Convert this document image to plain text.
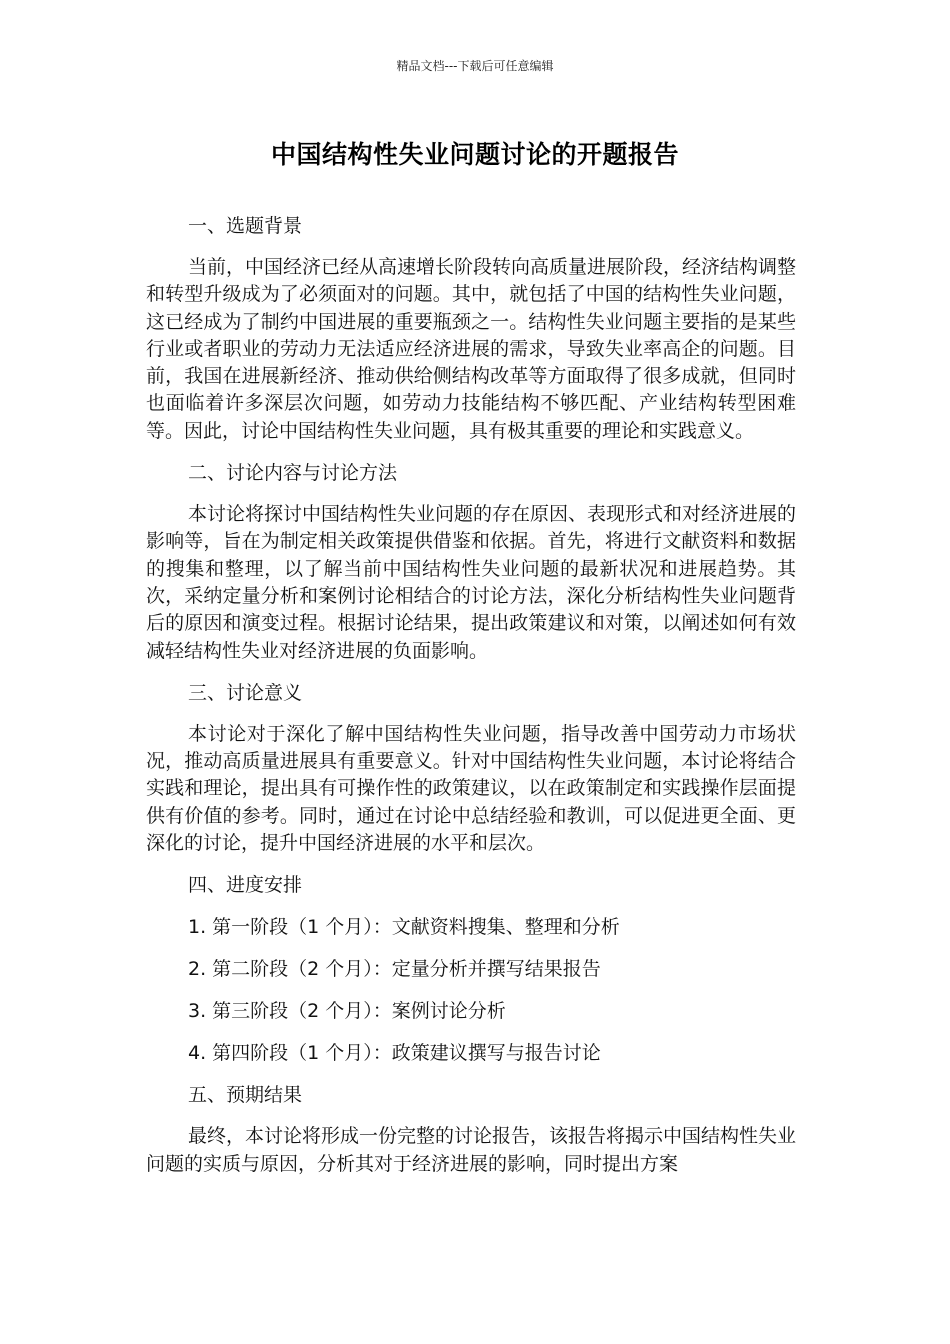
精品文档---下载后可任意编辑
中国结构性失业问题讨论的开题报告
一、选题背景
当前，中国经济已经从高速增长阶段转向高质量进展阶段，经济结构调整和转型升级成为了必须面对的问题。其中，就包括了中国的结构性失业问题，这已经成为了制约中国进展的重要瓶颈之一。结构性失业问题主要指的是某些行业或者职业的劳动力无法适应经济进展的需求，导致失业率高企的问题。目前，我国在进展新经济、推动供给侧结构改革等方面取得了很多成就，但同时也面临着许多深层次问题，如劳动力技能结构不够匹配、产业结构转型困难等。因此，讨论中国结构性失业问题，具有极其重要的理论和实践意义。
二、讨论内容与讨论方法
本讨论将探讨中国结构性失业问题的存在原因、表现形式和对经济进展的影响等，旨在为制定相关政策提供借鉴和依据。首先，将进行文献资料和数据的搜集和整理，以了解当前中国结构性失业问题的最新状况和进展趋势。其次，采纳定量分析和案例讨论相结合的讨论方法，深化分析结构性失业问题背后的原因和演变过程。根据讨论结果，提出政策建议和对策，以阐述如何有效减轻结构性失业对经济进展的负面影响。
三、讨论意义
本讨论对于深化了解中国结构性失业问题，指导改善中国劳动力市场状况，推动高质量进展具有重要意义。针对中国结构性失业问题，本讨论将结合实践和理论，提出具有可操作性的政策建议，以在政策制定和实践操作层面提供有价值的参考。同时，通过在讨论中总结经验和教训，可以促进更全面、更深化的讨论，提升中国经济进展的水平和层次。
四、进度安排
1. 第一阶段（1 个月）：文献资料搜集、整理和分析
2. 第二阶段（2 个月）：定量分析并撰写结果报告
3. 第三阶段（2 个月）：案例讨论分析
4. 第四阶段（1 个月）：政策建议撰写与报告讨论
五、预期结果
最终，本讨论将形成一份完整的讨论报告，该报告将揭示中国结构性失业问题的实质与原因，分析其对于经济进展的影响，同时提出方案
